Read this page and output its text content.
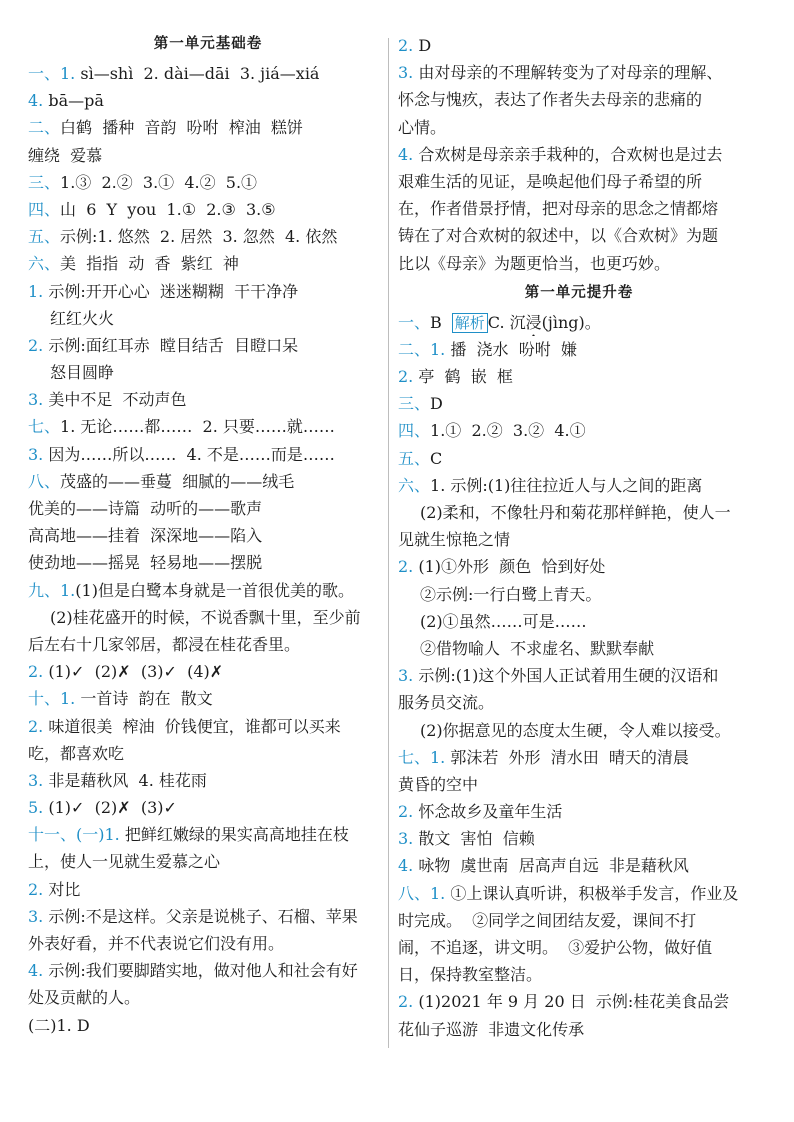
第一单元基础卷
一、1. sì—shì  2. dài—dāi  3. jiá—xiá
4. bā—pā
二、白鹤  播种  音韵  吩咐  榨油  糕饼
缠绕  爱慕
三、1.③  2.②  3.①  4.②  5.①
四、山  6  Y  you  1.①  2.③  3.⑤
五、示例:1. 悠然  2. 居然  3. 忽然  4. 依然
六、美  指指  动  香  紫红  神
1. 示例:开开心心  迷迷糊糊  干干净净
红红火火
2. 示例:面红耳赤  瞠目结舌  目瞪口呆
怒目圆睁
3. 美中不足  不动声色
七、1. 无论……都……  2. 只要……就……
3. 因为……所以……  4. 不是……而是……
八、茂盛的——垂蔓  细腻的——绒毛
优美的——诗篇  动听的——歌声
高高地——挂着  深深地——陷入
使劲地——摇晃  轻易地——摆脱
九、1.(1)但是白鹭本身就是一首很优美的歌。
(2)桂花盛开的时候，不说香飘十里，至少前
后左右十几家邻居，都浸在桂花香里。
2. (1)✓  (2)✗  (3)✓  (4)✗
十、1. 一首诗  韵在  散文
2. 味道很美  榨油  价钱便宜，谁都可以买来
吃，都喜欢吃
3. 非是藉秋风  4. 桂花雨
5. (1)✓  (2)✗  (3)✓
十一、(一)1. 把鲜红嫩绿的果实高高地挂在枝
上，使人一见就生爱慕之心
2. 对比
3. 示例:不是这样。父亲是说桃子、石榴、苹果
外表好看，并不代表说它们没有用。
4. 示例:我们要脚踏实地，做对他人和社会有好
处及贡献的人。
(二)1. D
2. D
3. 由对母亲的不理解转变为了对母亲的理解、
怀念与愧疚，表达了作者失去母亲的悲痛的
心情。
4. 合欢树是母亲亲手栽种的，合欢树也是过去
艰难生活的见证，是唤起他们母子希望的所
在，作者借景抒情，把对母亲的思念之情都熔
铸在了对合欢树的叙述中，以《合欢树》为题
比以《母亲》为题更恰当，也更巧妙。
第一单元提升卷
一、B 解析 C. 沉浸(jìng)。
二、1. 播  浇水  吩咐  嫌
2. 亭  鹤  嵌  框
三、D
四、1.①  2.②  3.②  4.①
五、C
六、1. 示例:(1)往往拉近人与人之间的距离
(2)柔和，不像牡丹和菊花那样鲜艳，使人一
见就生惊艳之情
2. (1)①外形  颜色  恰到好处
②示例:一行白鹭上青天。
(2)①虽然……可是……
②借物喻人  不求虚名、默默奉献
3. 示例:(1)这个外国人正试着用生硬的汉语和
服务员交流。
(2)你据意见的态度太生硬，令人难以接受。
七、1. 郭沫若  外形  清水田  晴天的清晨
黄昏的空中
2. 怀念故乡及童年生活
3. 散文  害怕  信赖
4. 咏物  虞世南  居高声自远  非是藉秋风
八、1. ①上课认真听讲，积极举手发言，作业及
时完成。  ②同学之间团结友爱，课间不打
闹，不追逐，讲文明。  ③爱护公物，做好值
日，保持教室整洁。
2. (1)2021 年 9 月 20 日  示例:桂花美食品尝
花仙子巡游  非遗文化传承
